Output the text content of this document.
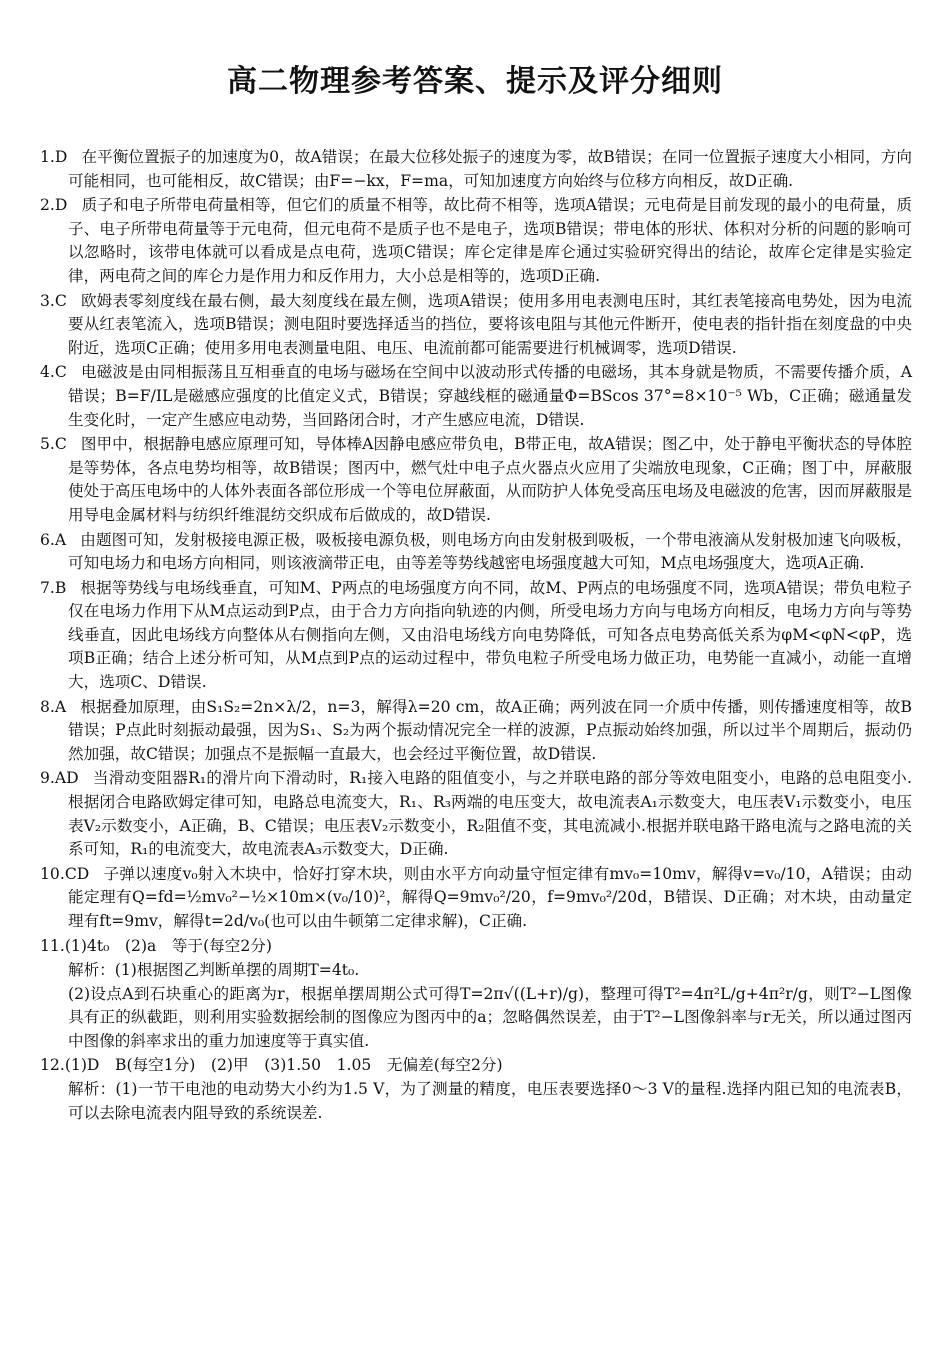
高二物理参考答案、提示及评分细则

1.D 在平衡位置振子的加速度为0，故A错误；在最大位移处振子的速度为零，故B错误；在同一位置振子速度大小相同，方向可能相同，也可能相反，故C错误；由F=−kx，F=ma，可知加速度方向始终与位移方向相反，故D正确.

2.D 质子和电子所带电荷量相等，但它们的质量不相等，故比荷不相等，选项A错误；元电荷是目前发现的最小的电荷量，质子、电子所带电荷量等于元电荷，但元电荷不是质子也不是电子，选项B错误；带电体的形状、体积对分析的问题的影响可以忽略时，该带电体就可以看成是点电荷，选项C错误；库仑定律是库仑通过实验研究得出的结论，故库仑定律是实验定律，两电荷之间的库仑力是作用力和反作用力，大小总是相等的，选项D正确.

3.C 欧姆表零刻度线在最右侧，最大刻度线在最左侧，选项A错误；使用多用电表测电压时，其红表笔接高电势处，因为电流要从红表笔流入，选项B错误；测电阻时要选择适当的挡位，要将该电阻与其他元件断开，使电表的指针指在刻度盘的中央附近，选项C正确；使用多用电表测量电阻、电压、电流前都可能需要进行机械调零，选项D错误.

4.C 电磁波是由同相振荡且互相垂直的电场与磁场在空间中以波动形式传播的电磁场，其本身就是物质，不需要传播介质，A错误；B=F/IL是磁感应强度的比值定义式，B错误；穿越线框的磁通量Φ=BScos 37°=8×10⁻⁵ Wb，C正确；磁通量发生变化时，一定产生感应电动势，当回路闭合时，才产生感应电流，D错误.

5.C 图甲中，根据静电感应原理可知，导体棒A因静电感应带负电，B带正电，故A错误；图乙中，处于静电平衡状态的导体腔是等势体，各点电势均相等，故B错误；图丙中，燃气灶中电子点火器点火应用了尖端放电现象，C正确；图丁中，屏蔽服使处于高压电场中的人体外表面各部位形成一个等电位屏蔽面，从而防护人体免受高压电场及电磁波的危害，因而屏蔽服是用导电金属材料与纺织纤维混纺交织成布后做成的，故D错误.

6.A 由题图可知，发射极接电源正极，吸板接电源负极，则电场方向由发射极到吸板，一个带电液滴从发射极加速飞向吸板，可知电场力和电场方向相同，则该液滴带正电，由等差等势线越密电场强度越大可知，M点电场强度大，选项A正确.

7.B 根据等势线与电场线垂直，可知M、P两点的电场强度方向不同，故M、P两点的电场强度不同，选项A错误；带负电粒子仅在电场力作用下从M点运动到P点，由于合力方向指向轨迹的内侧，所受电场力方向与电场方向相反，电场力方向与等势线垂直，因此电场线方向整体从右侧指向左侧，又由沿电场线方向电势降低，可知各点电势高低关系为φM<φN<φP，选项B正确；结合上述分析可知，从M点到P点的运动过程中，带负电粒子所受电场力做正功，电势能一直减小，动能一直增大，选项C、D错误.

8.A 根据叠加原理，由S₁S₂=2n×λ/2，n=3，解得λ=20 cm，故A正确；两列波在同一介质中传播，则传播速度相等，故B错误；P点此时刻振动最强，因为S₁、S₂为两个振动情况完全一样的波源，P点振动始终加强，所以过半个周期后，振动仍然加强，故C错误；加强点不是振幅一直最大，也会经过平衡位置，故D错误.

9.AD 当滑动变阻器R₁的滑片向下滑动时，R₁接入电路的阻值变小，与之并联电路的部分等效电阻变小，电路的总电阻变小.根据闭合电路欧姆定律可知，电路总电流变大，R₁、R₃两端的电压变大，故电流表A₁示数变大，电压表V₁示数变小，电压表V₂示数变小，A正确，B、C错误；电压表V₂示数变小，R₂阻值不变，其电流减小.根据并联电路干路电流与之路电流的关系可知，R₁的电流变大，故电流表A₃示数变大，D正确.

10.CD 子弹以速度v₀射入木块中，恰好打穿木块，则由水平方向动量守恒定律有mv₀=10mv，解得v=v₀/10，A错误；由动能定理有Q=fd=½mv₀²−½×10m×(v₀/10)²，解得Q=9mv₀²/20，f=9mv₀²/20d，B错误、D正确；对木块，由动量定理有ft=9mv，解得t=2d/v₀(也可以由牛顿第二定律求解)，C正确.

11.(1)4t₀　(2)a　等于(每空2分)

解析：(1)根据图乙判断单摆的周期T=4t₀.

(2)设点A到石块重心的距离为r，根据单摆周期公式可得T=2π√((L+r)/g)，整理可得T²=4π²L/g+4π²r/g，则T²−L图像具有正的纵截距，则利用实验数据绘制的图像应为图丙中的a；忽略偶然误差，由于T²−L图像斜率与r无关，所以通过图丙中图像的斜率求出的重力加速度等于真实值.

12.(1)D　B(每空1分)　(2)甲　(3)1.50　1.05　无偏差(每空2分)

解析：(1)一节干电池的电动势大小约为1.5 V，为了测量的精度，电压表要选择0～3 V的量程.选择内阻已知的电流表B，可以去除电流表内阻导致的系统误差.
